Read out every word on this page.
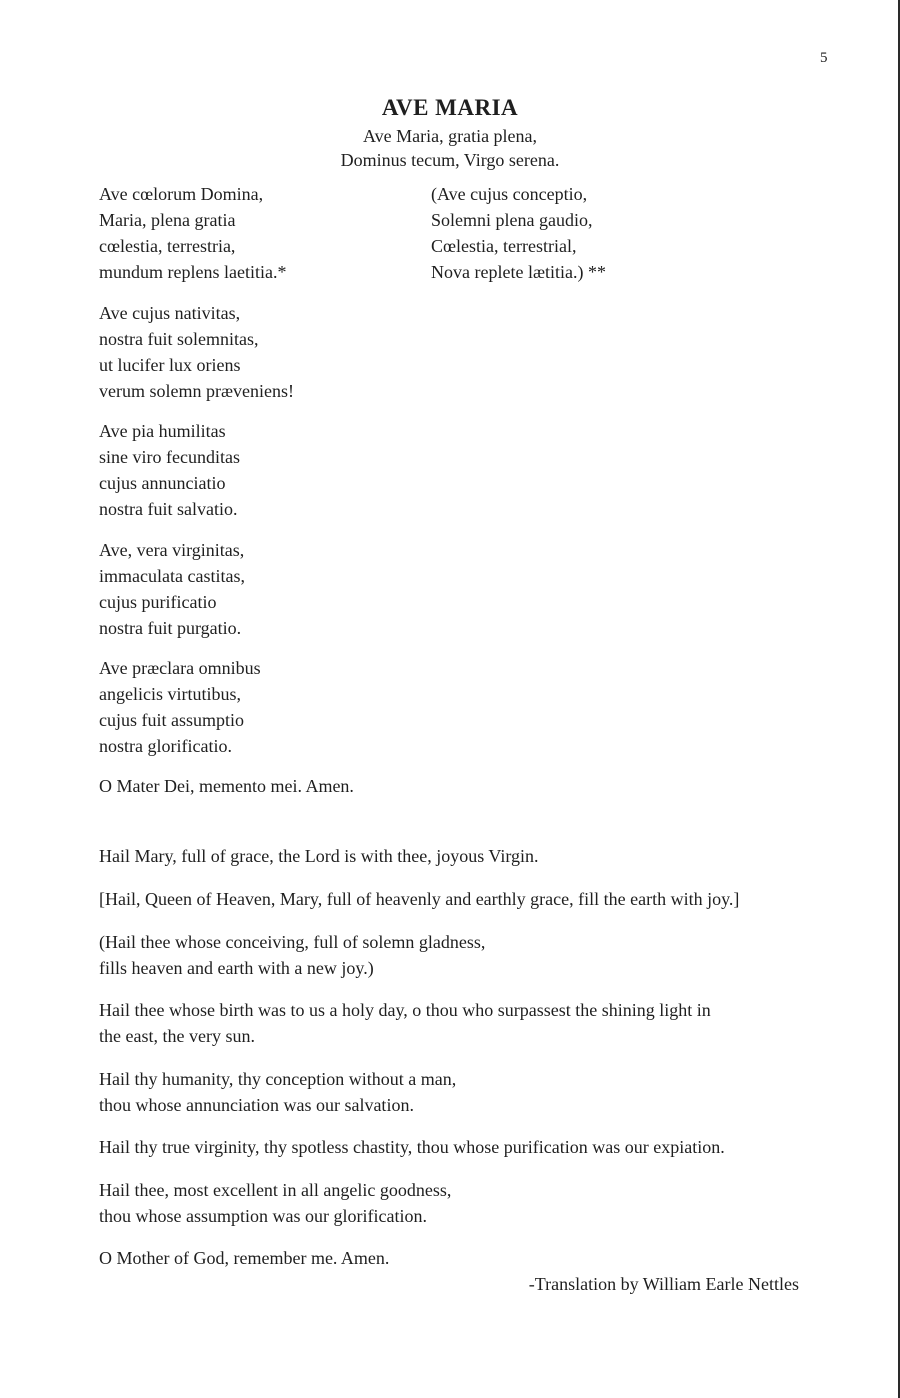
5
AVE MARIA
Ave Maria, gratia plena,
Dominus tecum, Virgo serena.
Ave cœlorum Domina,
Maria, plena gratia
cœlestia, terrestria,
mundum replens laetitia.*
(Ave cujus conceptio,
Solemni plena gaudio,
Cœlestia, terrestrial,
Nova replete lætitia.) **
Ave cujus nativitas,
nostra fuit solemnitas,
ut lucifer lux oriens
verum solemn præveniens!
Ave pia humilitas
sine viro fecunditas
cujus annunciatio
nostra fuit salvatio.
Ave, vera virginitas,
immaculata castitas,
cujus purificatio
nostra fuit purgatio.
Ave præclara omnibus
angelicis virtutibus,
cujus fuit assumptio
nostra glorificatio.
O Mater Dei, memento mei. Amen.
Hail Mary, full of grace, the Lord is with thee, joyous Virgin.
[Hail, Queen of Heaven, Mary, full of heavenly and earthly grace, fill the earth with joy.]
(Hail thee whose conceiving, full of solemn gladness,
fills heaven and earth with a new joy.)
Hail thee whose birth was to us a holy day, o thou who surpassest the shining light in
the east, the very sun.
Hail thy humanity, thy conception without a man,
thou whose annunciation was our salvation.
Hail thy true virginity, thy spotless chastity, thou whose purification was our expiation.
Hail thee, most excellent in all angelic goodness,
thou whose assumption was our glorification.
O Mother of God, remember me. Amen.
-Translation by William Earle Nettles
